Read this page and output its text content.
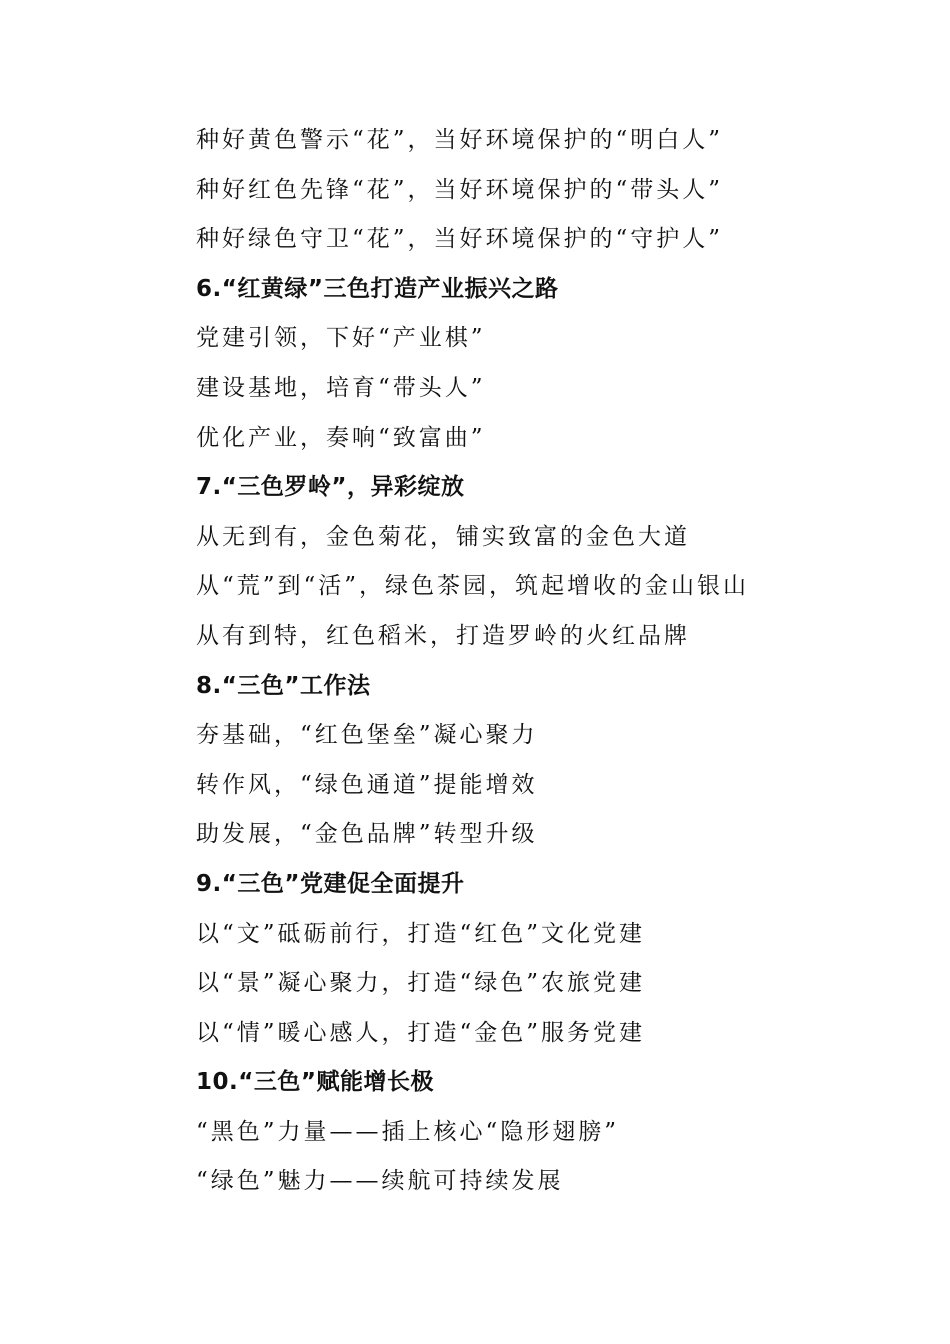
种好黄色警示“花”，当好环境保护的“明白人”
种好红色先锋“花”，当好环境保护的“带头人”
种好绿色守卫“花”，当好环境保护的“守护人”
6.“红黄绿”三色打造产业振兴之路
党建引领，下好“产业棋”
建设基地，培育“带头人”
优化产业，奏响“致富曲”
7.“三色罗岭”，异彩绽放
从无到有，金色菊花，铺实致富的金色大道
从“荒”到“活”，绿色茶园，筑起增收的金山银山
从有到特，红色稻米，打造罗岭的火红品牌
8.“三色”工作法
夯基础，“红色堡垒”凝心聚力
转作风，“绿色通道”提能增效
助发展，“金色品牌”转型升级
9.“三色”党建促全面提升
以“文”砥砺前行，打造“红色”文化党建
以“景”凝心聚力，打造“绿色”农旅党建
以“情”暖心感人，打造“金色”服务党建
10.“三色”赋能增长极
“黑色”力量——插上核心“隐形翅膀”
“绿色”魅力——续航可持续发展
